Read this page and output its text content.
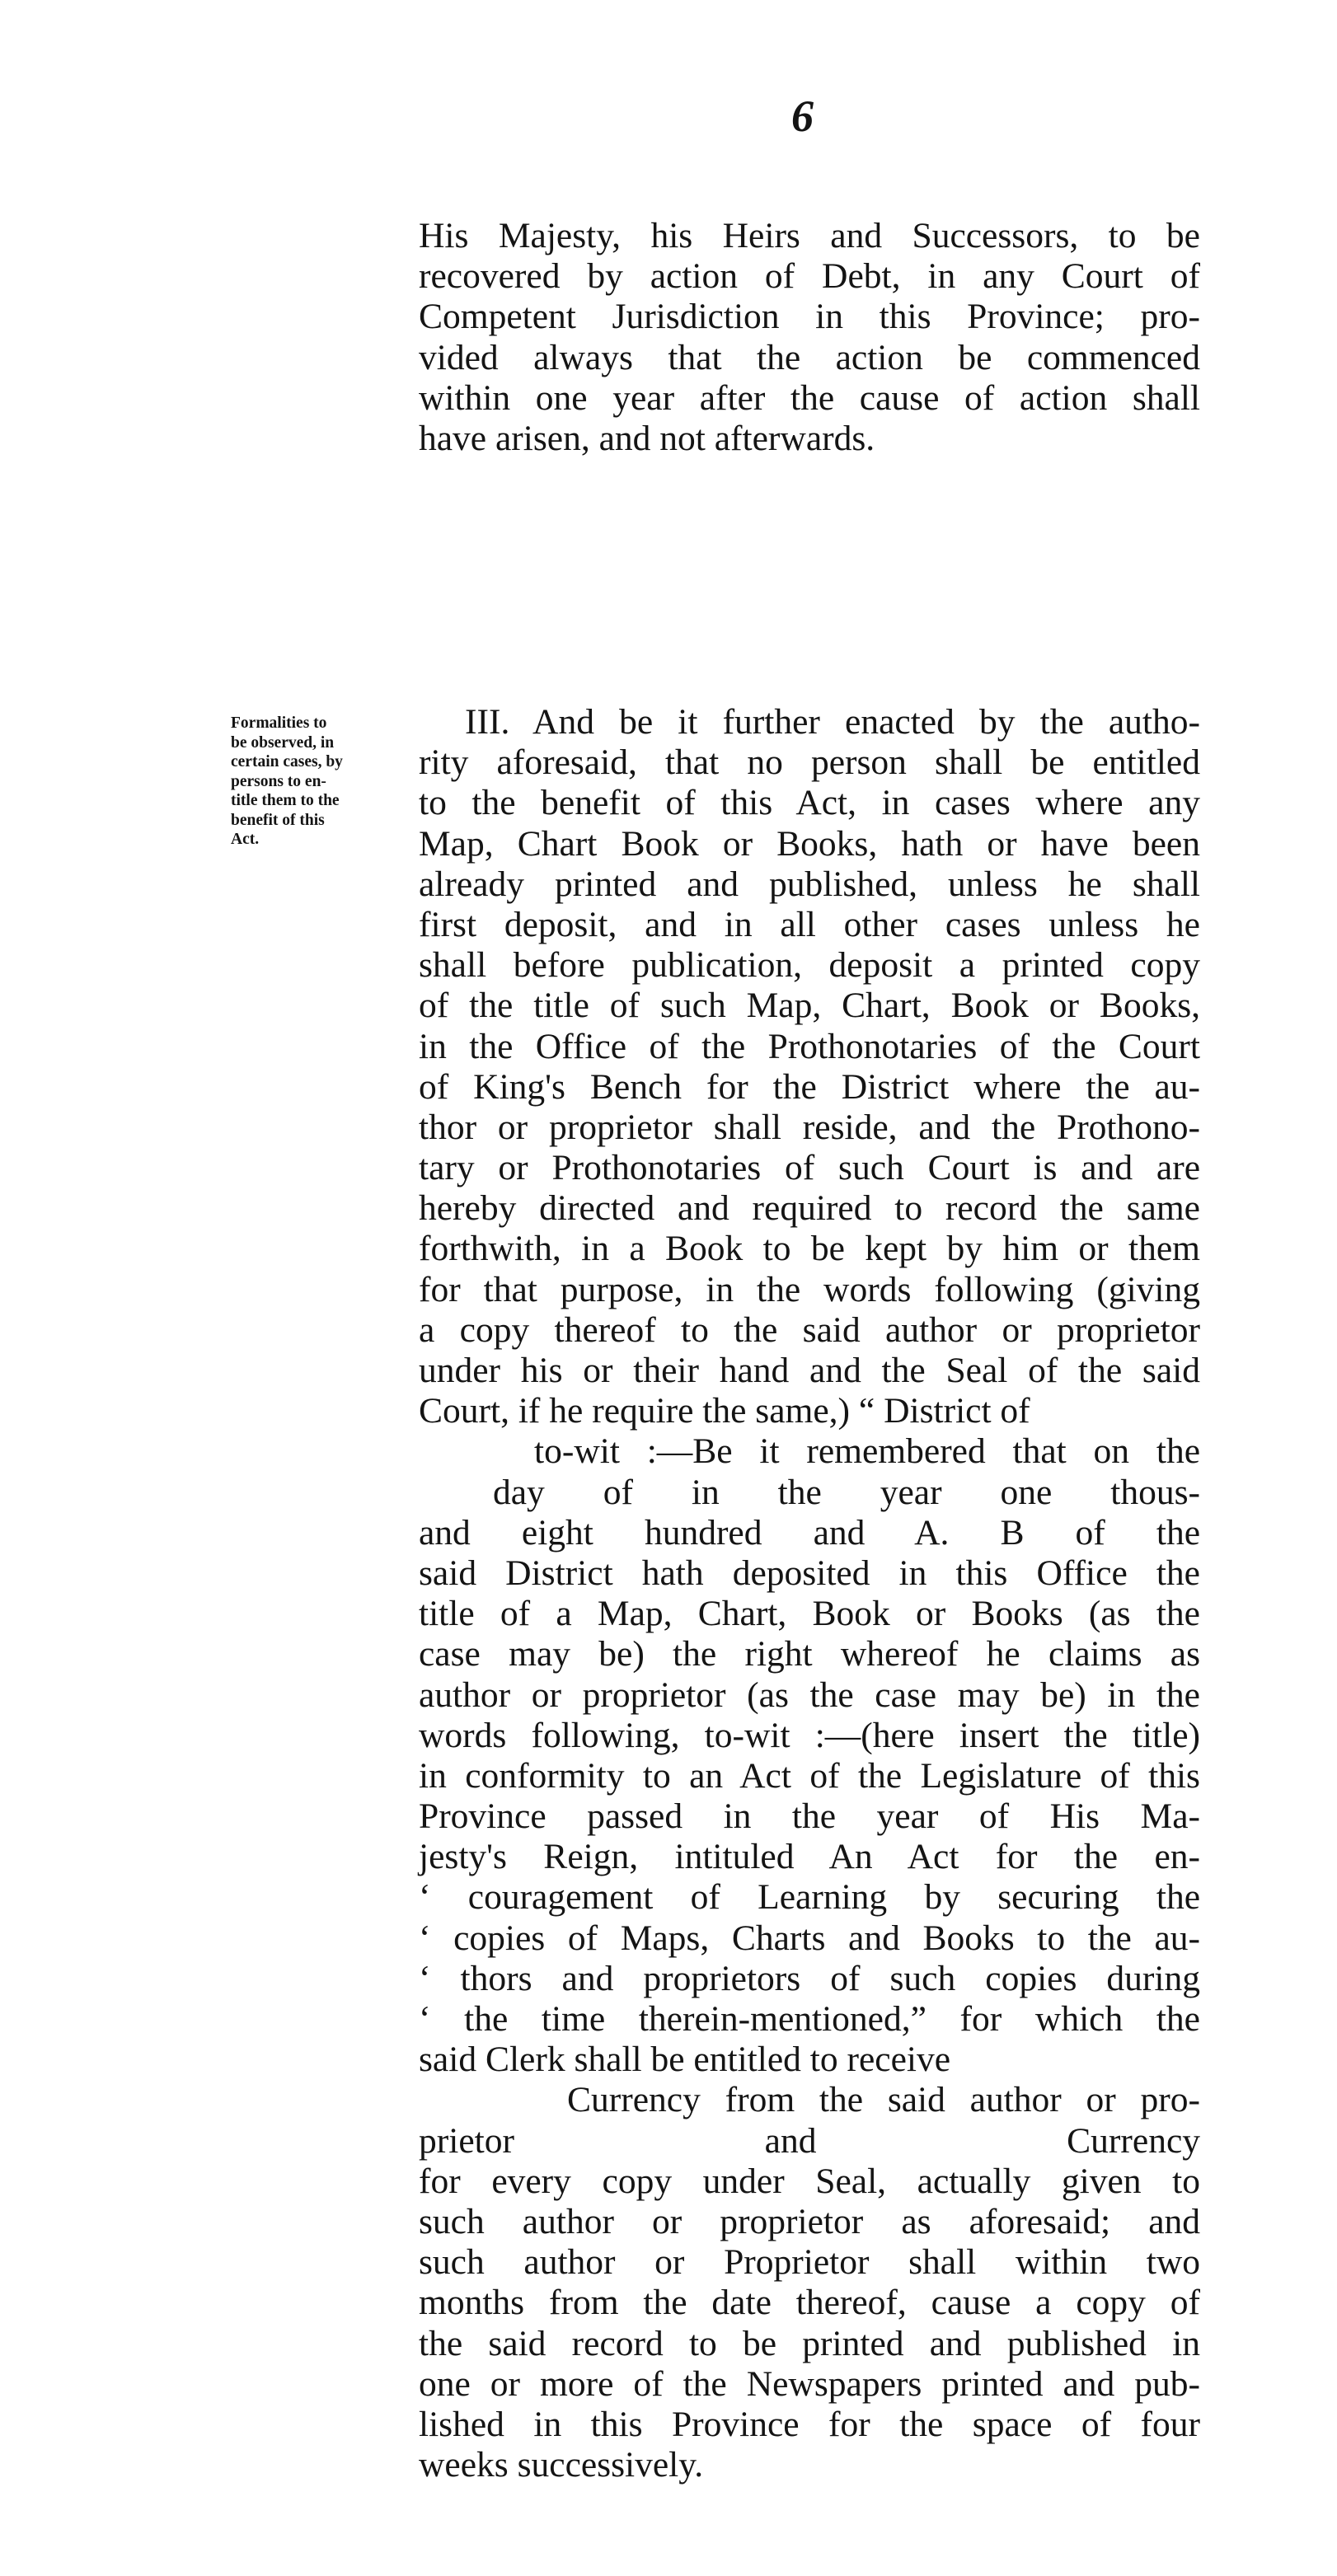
6
His Majesty, his Heirs and Successors, to be
recovered by action of Debt, in any Court of
Competent Jurisdiction in this Province; pro-
vided always that the action be commenced
within one year after the cause of action shall
have arisen, and not afterwards.
Formalities to
be observed, in
certain cases, by
persons to en-
title them to the
benefit of this
Act.
III. And be it further enacted by the autho-
rity aforesaid, that no person shall be entitled
to the benefit of this Act, in cases where any
Map, Chart Book or Books, hath or have been
already printed and published, unless he shall
first deposit, and in all other cases unless he
shall before publication, deposit a printed copy
of the title of such Map, Chart, Book or Books,
in the Office of the Prothonotaries of the Court
of King's Bench for the District where the au-
thor or proprietor shall reside, and the Prothono-
tary or Prothonotaries of such Court is and are
hereby directed and required to record the same
forthwith, in a Book to be kept by him or them
for that purpose, in the words following (giving
a copy thereof to the said author or proprietor
under his or their hand and the Seal of the said
Court, if he require the same,) “ District of
to-wit :—Be it remembered that on the
day of in the year one thous-
and eight hundred and A. B of the
said District hath deposited in this Office the
title of a Map, Chart, Book or Books (as the
case may be) the right whereof he claims as
author or proprietor (as the case may be) in the
words following, to-wit :—(here insert the title)
in conformity to an Act of the Legislature of this
Province passed in the year of His Ma-
jesty's Reign, intituled An Act for the en-
‘ couragement of Learning by securing the
‘ copies of Maps, Charts and Books to the au-
‘ thors and proprietors of such copies during
‘ the time therein-mentioned,” for which the
said Clerk shall be entitled to receive
Currency from the said author or pro-
prietor and Currency
for every copy under Seal, actually given to
such author or proprietor as aforesaid; and
such author or Proprietor shall within two
months from the date thereof, cause a copy of
the said record to be printed and published in
one or more of the Newspapers printed and pub-
lished in this Province for the space of four
weeks successively.
